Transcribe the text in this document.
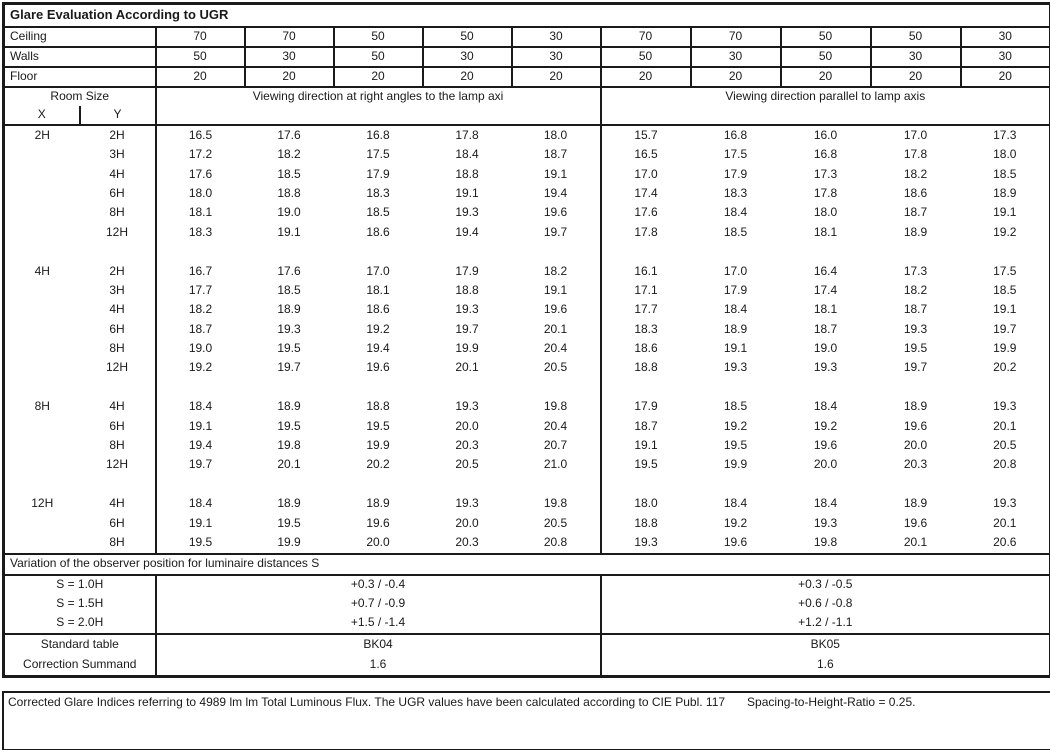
Glare Evaluation According to UGR											
Ceiling		70	70	50	50	30	70	70	50	50	30
Walls		50	30	50	30	30	50	30	50	30	30
Floor		20	20	20	20	20	20	20	20	20	20
Room Size		Viewing direction at right angles to the lamp axi					Viewing direction parallel to lamp axis				
X	Y										
2H	2H	16.5	17.6	16.8	17.8	18.0	15.7	16.8	16.0	17.0	17.3
	3H	17.2	18.2	17.5	18.4	18.7	16.5	17.5	16.8	17.8	18.0
	4H	17.6	18.5	17.9	18.8	19.1	17.0	17.9	17.3	18.2	18.5
	6H	18.0	18.8	18.3	19.1	19.4	17.4	18.3	17.8	18.6	18.9
	8H	18.1	19.0	18.5	19.3	19.6	17.6	18.4	18.0	18.7	19.1
	12H	18.3	19.1	18.6	19.4	19.7	17.8	18.5	18.1	18.9	19.2

4H	2H	16.7	17.6	17.0	17.9	18.2	16.1	17.0	16.4	17.3	17.5
	3H	17.7	18.5	18.1	18.8	19.1	17.1	17.9	17.4	18.2	18.5
	4H	18.2	18.9	18.6	19.3	19.6	17.7	18.4	18.1	18.7	19.1
	6H	18.7	19.3	19.2	19.7	20.1	18.3	18.9	18.7	19.3	19.7
	8H	19.0	19.5	19.4	19.9	20.4	18.6	19.1	19.0	19.5	19.9
	12H	19.2	19.7	19.6	20.1	20.5	18.8	19.3	19.3	19.7	20.2

8H	4H	18.4	18.9	18.8	19.3	19.8	17.9	18.5	18.4	18.9	19.3
	6H	19.1	19.5	19.5	20.0	20.4	18.7	19.2	19.2	19.6	20.1
	8H	19.4	19.8	19.9	20.3	20.7	19.1	19.5	19.6	20.0	20.5
	12H	19.7	20.1	20.2	20.5	21.0	19.5	19.9	20.0	20.3	20.8

12H	4H	18.4	18.9	18.9	19.3	19.8	18.0	18.4	18.4	18.9	19.3
	6H	19.1	19.5	19.6	20.0	20.5	18.8	19.2	19.3	19.6	20.1
	8H	19.5	19.9	20.0	20.3	20.8	19.3	19.6	19.8	20.1	20.6
Variation of the observer position for luminaire distances S											
S = 1.0H		+0.3 / -0.4					+0.3 / -0.5				
S = 1.5H		+0.7 / -0.9					+0.6 / -0.8				
S = 2.0H		+1.5 / -1.4					+1.2 / -1.1				
Standard table		BK04					BK05				
Correction Summand		1.6					1.6				
Corrected Glare Indices referring to 4989 lm lm Total Luminous Flux. The UGR values have been calculated according to CIE Publ. 117 Spacing-to-Height-Ratio = 0.25.
